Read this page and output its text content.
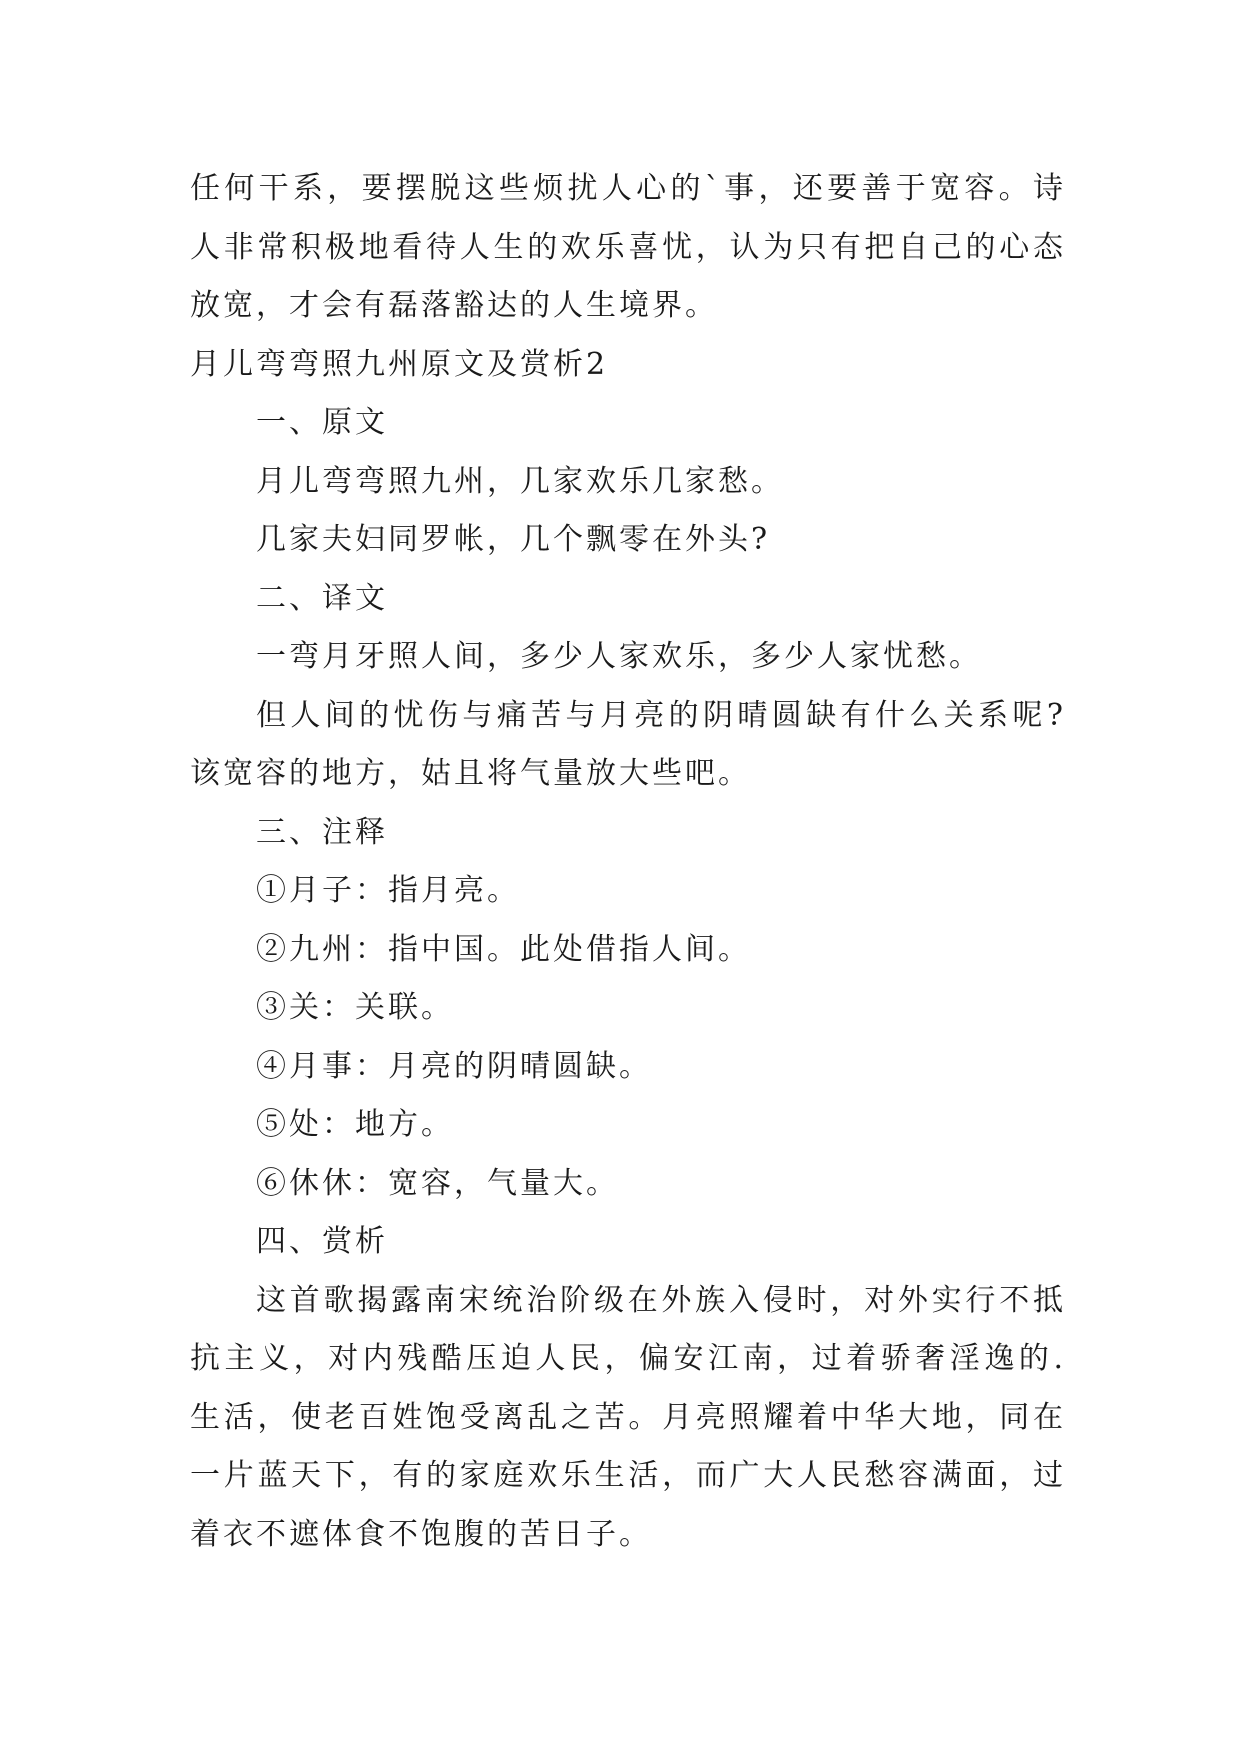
任何干系，要摆脱这些烦扰人心的`事，还要善于宽容。诗
人非常积极地看待人生的欢乐喜忧，认为只有把自己的心态
放宽，才会有磊落豁达的人生境界。
月儿弯弯照九州原文及赏析2
一、原文
月儿弯弯照九州，几家欢乐几家愁。
几家夫妇同罗帐，几个飘零在外头?
二、译文
一弯月牙照人间，多少人家欢乐，多少人家忧愁。
但人间的忧伤与痛苦与月亮的阴晴圆缺有什么关系呢?
该宽容的地方，姑且将气量放大些吧。
三、注释
①月子：指月亮。
②九州：指中国。此处借指人间。
③关：关联。
④月事：月亮的阴晴圆缺。
⑤处：地方。
⑥休休：宽容，气量大。
四、赏析
这首歌揭露南宋统治阶级在外族入侵时，对外实行不抵
抗主义，对内残酷压迫人民，偏安江南，过着骄奢淫逸的.
生活，使老百姓饱受离乱之苦。月亮照耀着中华大地，同在
一片蓝天下，有的家庭欢乐生活，而广大人民愁容满面，过
着衣不遮体食不饱腹的苦日子。
